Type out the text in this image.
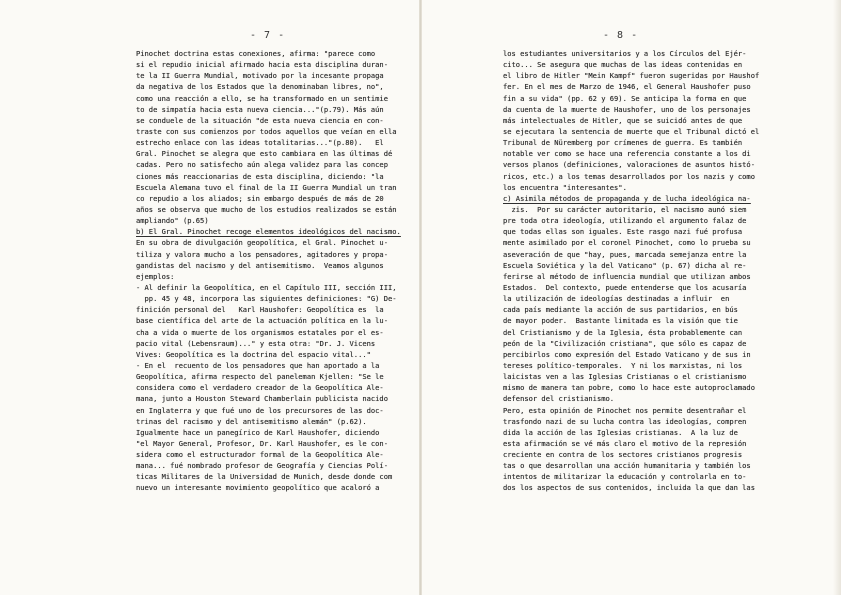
- 7 -	- 8 -
Pinochet doctrina estas conexiones, afirma: "parece como
si el repudio inicial afirmado hacia esta disciplina duran-
te la II Guerra Mundial, motivado por la incesante propaga
da negativa de los Estados que la denominaban libres, no",
como una reacción a ello, se ha transformado en un sentimie
to de simpatía hacia esta nueva ciencia..."(p.79). Más aún
se conduele de la situación "de esta nueva ciencia en con-
traste con sus comienzos por todos aquellos que veían en ella
estrecho enlace con las ideas totalitarias..."(p.80).   El
Gral. Pinochet se alegra que esto cambiara en las últimas dé
cadas. Pero no satisfecho aún alega validez para las concep
ciones más reaccionarias de esta disciplina, diciendo: "la
Escuela Alemana tuvo el final de la II Guerra Mundial un tran
co repudio a los aliados; sin embargo después de más de 20
años se observa que mucho de los estudios realizados se están
ampliando" (p.65)
b) El Gral. Pinochet recoge elementos ideológicos del nacismo.
En su obra de divulgación geopolítica, el Gral. Pinochet u-
tiliza y valora mucho a los pensadores, agitadores y propa-
gandistas del nacismo y del antisemitismo.  Veamos algunos
ejemplos:
- Al definir la Geopolítica, en el Capítulo III, sección III,
pp. 45 y 48, incorpora las siguientes definiciones: "G) De-
finición personal del   Karl Haushofer: Geopolítica es  la
base científica del arte de la actuación política en la lu-
cha a vida o muerte de los organismos estatales por el es-
pacio vital (Lebensraum)..." y esta otra: "Dr. J. Vicens
Vives: Geopolítica es la doctrina del espacio vital..."
- En el  recuento de los pensadores que han aportado a la
Geopolítica, afirma respecto del paneleman Kjellen: "Se le
considera como el verdadero creador de la Geopolítica Ale-
mana, junto a Houston Steward Chamberlain publicista nacido
en Inglaterra y que fué uno de los precursores de las doc-
trinas del racismo y del antisemitismo alemán" (p.62).
Igualmente hace un panegírico de Karl Haushofer, diciendo
"el Mayor General, Profesor, Dr. Karl Haushofer, es le con-
sidera como el estructurador formal de la Geopolítica Ale-
mana... fué nombrado profesor de Geografía y Ciencias Polí-
ticas Militares de la Universidad de Munich, desde donde com
nuevo un interesante movimiento geopolítico que acaloró a
los estudiantes universitarios y a los Círculos del Ejér-
cito... Se asegura que muchas de las ideas contenidas en
el libro de Hitler "Mein Kampf" fueron sugeridas por Haushof
fer. En el mes de Marzo de 1946, el General Haushofer puso
fin a su vida" (pp. 62 y 69). Se anticipa la forma en que
da cuenta de la muerte de Haushofer, uno de los personajes
más intelectuales de Hitler, que se suicidó antes de que
se ejecutara la sentencia de muerte que el Tribunal dictó el
Tribunal de Nüremberg por crímenes de guerra. Es también
notable ver como se hace una referencia constante a los di
versos planos (definiciones, valoraciones de asuntos histó-
ricos, etc.) a los temas desarrollados por los nazis y como
los encuentra "interesantes".
c) Asimila métodos de propaganda y de lucha ideológica na-
zis.  Por su carácter autoritario, el nacismo aunó siem
pre toda otra ideología, utilizando el argumento falaz de
que todas ellas son iguales. Este rasgo nazi fué profusa
mente asimilado por el coronel Pinochet, como lo prueba su
aseveración de que "hay, pues, marcada semejanza entre la
Escuela Soviética y la del Vaticano" (p. 67) dicha al re-
ferirse al método de influencia mundial que utilizan ambos
Estados.  Del contexto, puede entenderse que los acusaría
la utilización de ideologías destinadas a influir  en
cada país mediante la acción de sus partidarios, en bús
de mayor poder.  Bastante limitada es la visión que tie
del Cristianismo y de la Iglesia, ésta probablemente can
peón de la "Civilización cristiana", que sólo es capaz de
percibirlos como expresión del Estado Vaticano y de sus in
tereses político-temporales.  Y ni los marxistas, ni los
laicistas ven a las Iglesias Cristianas o el cristianismo
mismo de manera tan pobre, como lo hace este autoproclamado
defensor del cristianismo.
Pero, esta opinión de Pinochet nos permite desentrañar el
trasfondo nazi de su lucha contra las ideologías, compren
dida la acción de las Iglesias cristianas.  A la luz de
esta afirmación se vé más claro el motivo de la represión
creciente en contra de los sectores cristianos progresis
tas o que desarrollan una acción humanitaria y también los
intentos de militarizar la educación y controlarla en to-
dos los aspectos de sus contenidos, incluida la que dan las
